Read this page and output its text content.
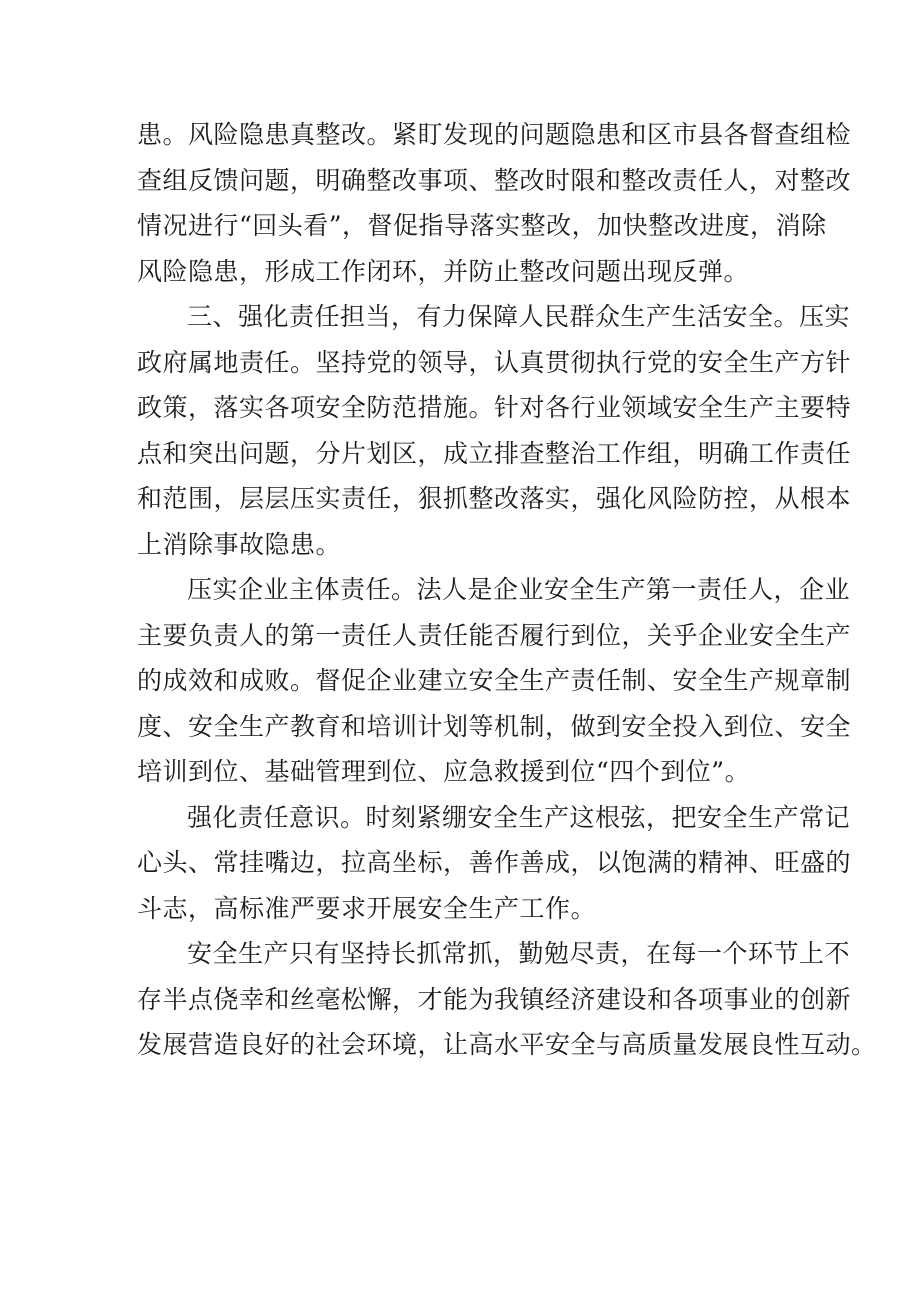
患。风险隐患真整改。紧盯发现的问题隐患和区市县各督查组检
查组反馈问题，明确整改事项、整改时限和整改责任人，对整改
情况进行“回头看”，督促指导落实整改，加快整改进度，消除
风险隐患，形成工作闭环，并防止整改问题出现反弹。

三、强化责任担当，有力保障人民群众生产生活安全。压实
政府属地责任。坚持党的领导，认真贯彻执行党的安全生产方针
政策，落实各项安全防范措施。针对各行业领域安全生产主要特
点和突出问题，分片划区，成立排查整治工作组，明确工作责任
和范围，层层压实责任，狠抓整改落实，强化风险防控，从根本
上消除事故隐患。

压实企业主体责任。法人是企业安全生产第一责任人，企业
主要负责人的第一责任人责任能否履行到位，关乎企业安全生产
的成效和成败。督促企业建立安全生产责任制、安全生产规章制
度、安全生产教育和培训计划等机制，做到安全投入到位、安全
培训到位、基础管理到位、应急救援到位“四个到位”。

强化责任意识。时刻紧绷安全生产这根弦，把安全生产常记
心头、常挂嘴边，拉高坐标，善作善成，以饱满的精神、旺盛的
斗志，高标准严要求开展安全生产工作。

安全生产只有坚持长抓常抓，勤勉尽责，在每一个环节上不
存半点侥幸和丝毫松懈，才能为我镇经济建设和各项事业的创新
发展营造良好的社会环境，让高水平安全与高质量发展良性互动。
